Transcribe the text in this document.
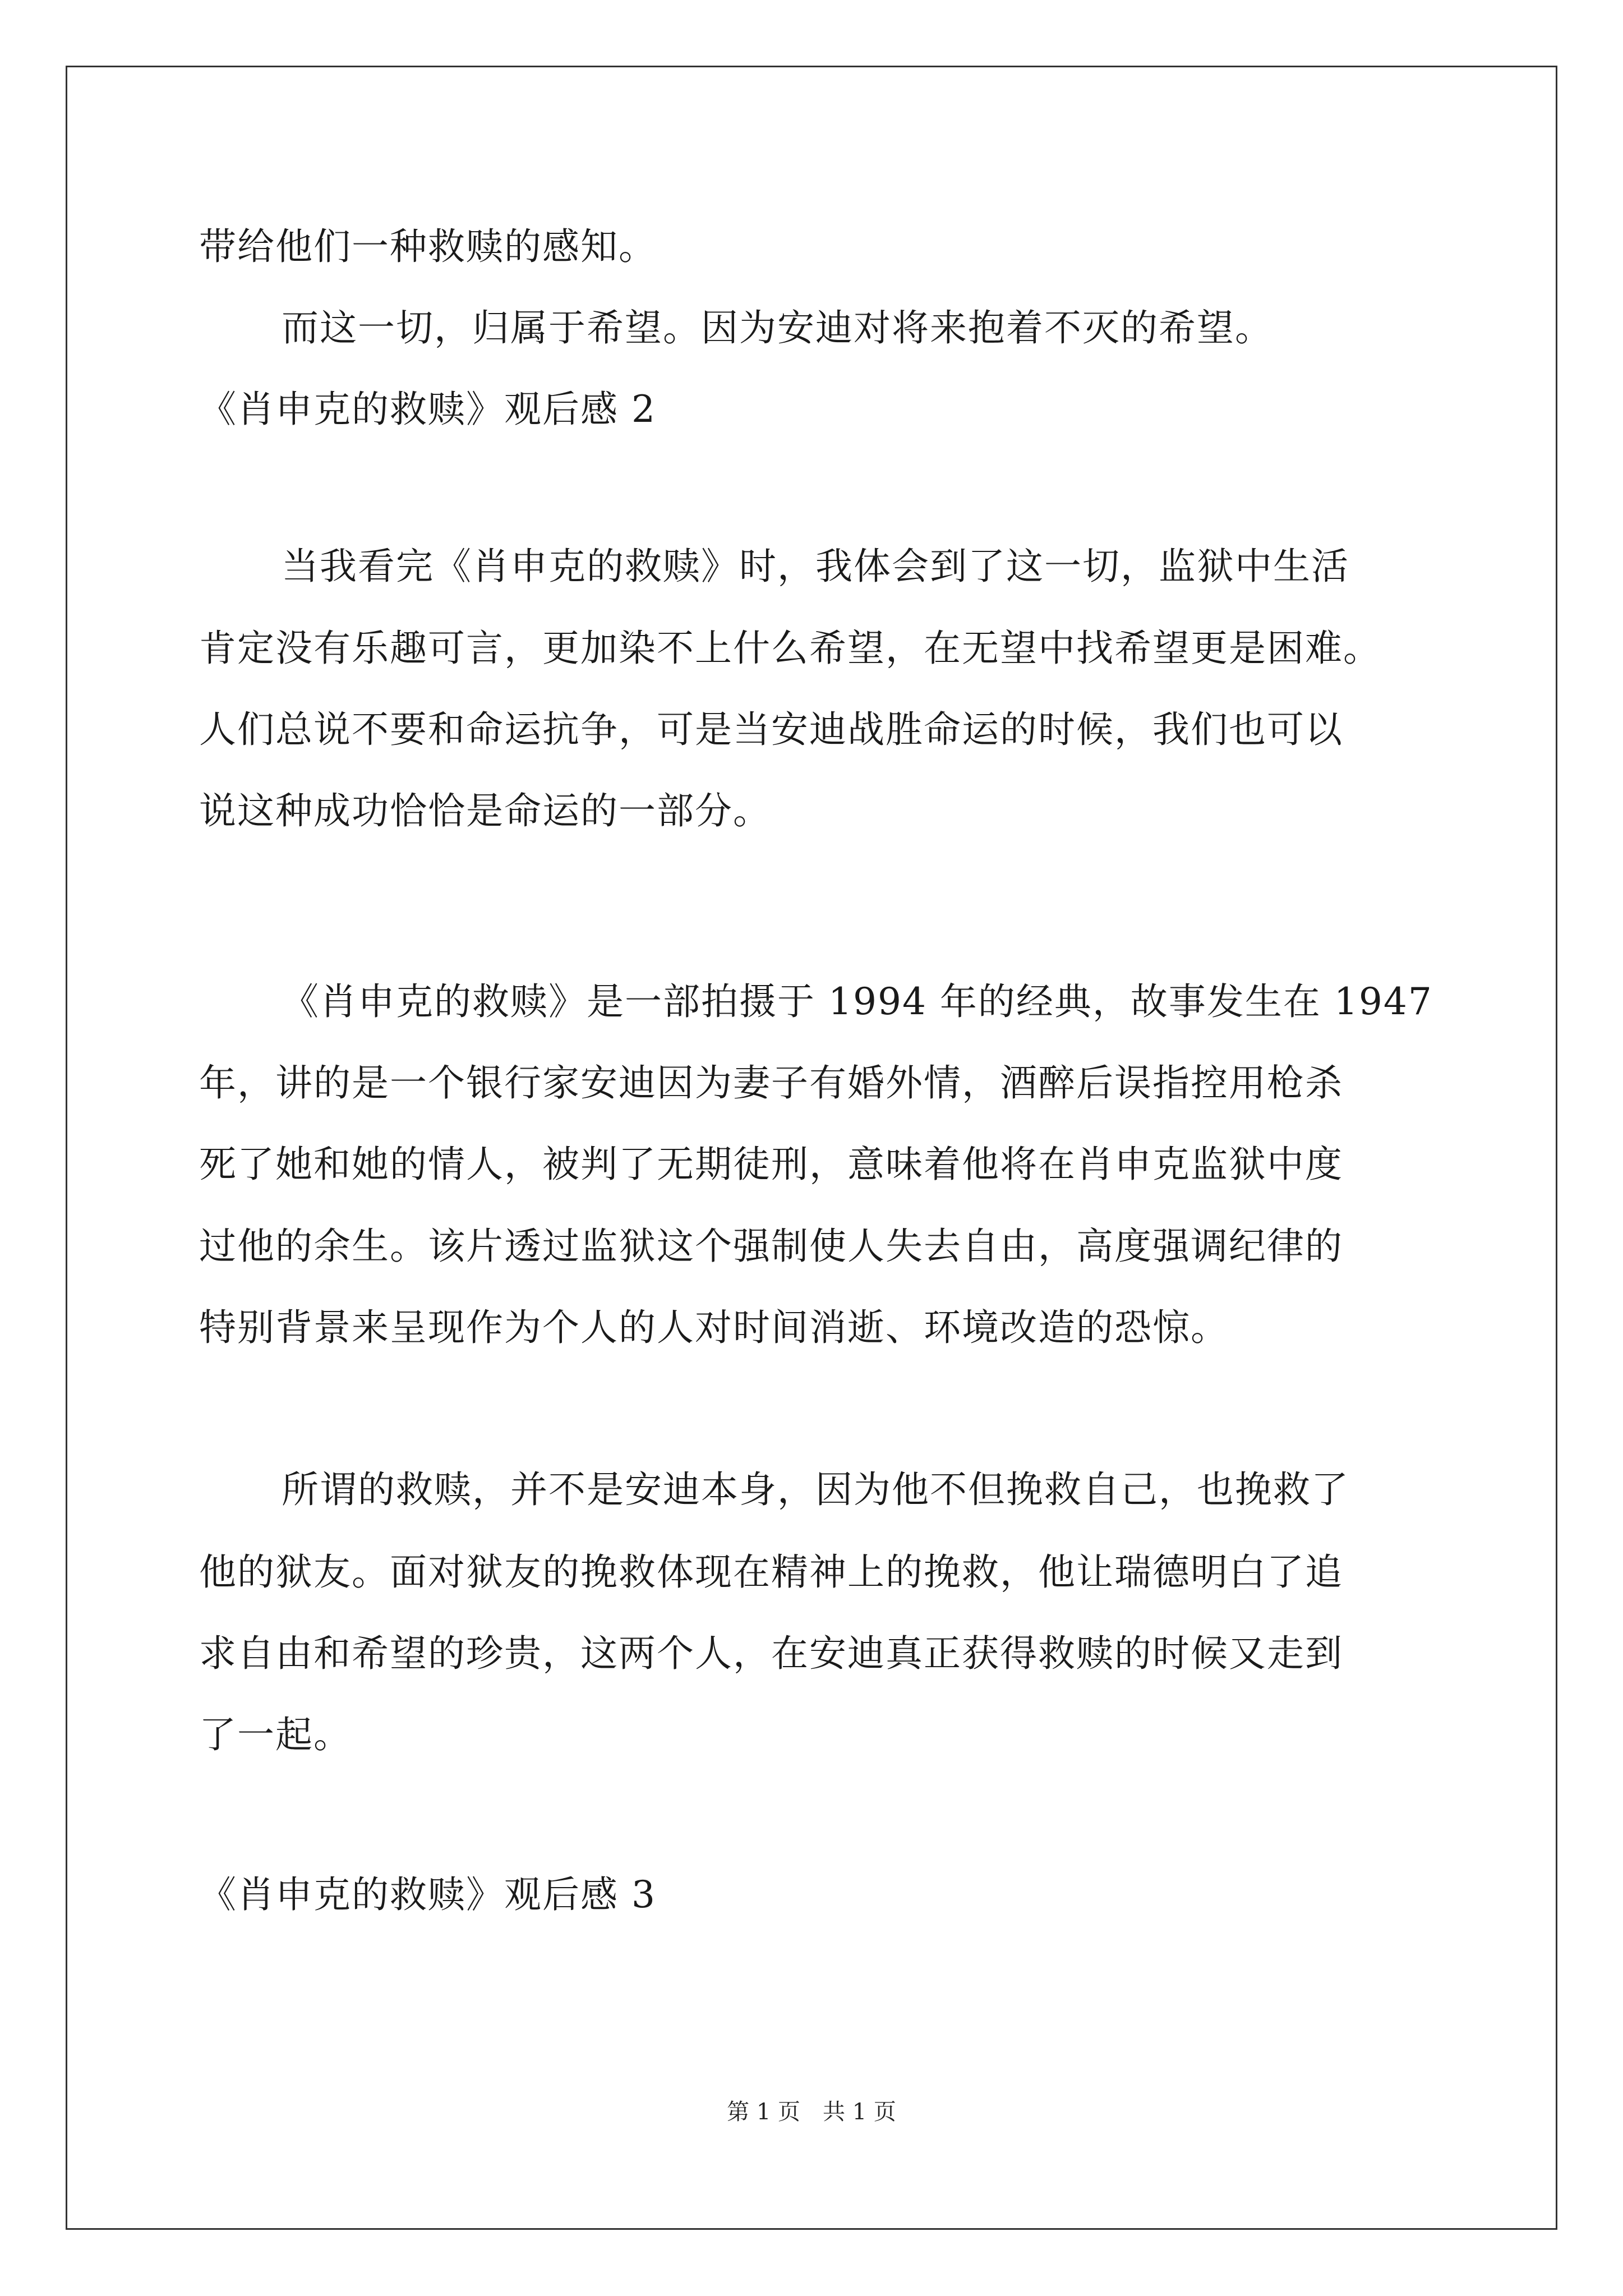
带给他们一种救赎的感知。
而这一切，归属于希望。因为安迪对将来抱着不灭的希望。
《肖申克的救赎》观后感 2
当我看完《肖申克的救赎》时，我体会到了这一切，监狱中生活
肯定没有乐趣可言，更加染不上什么希望，在无望中找希望更是困难。
人们总说不要和命运抗争，可是当安迪战胜命运的时候，我们也可以
说这种成功恰恰是命运的一部分。
《肖申克的救赎》是一部拍摄于 1994 年的经典，故事发生在 1947
年，讲的是一个银行家安迪因为妻子有婚外情，酒醉后误指控用枪杀
死了她和她的情人，被判了无期徒刑，意味着他将在肖申克监狱中度
过他的余生。该片透过监狱这个强制使人失去自由，高度强调纪律的
特别背景来呈现作为个人的人对时间消逝、环境改造的恐惊。
所谓的救赎，并不是安迪本身，因为他不但挽救自己，也挽救了
他的狱友。面对狱友的挽救体现在精神上的挽救，他让瑞德明白了追
求自由和希望的珍贵，这两个人，在安迪真正获得救赎的时候又走到
了一起。
《肖申克的救赎》观后感 3
第 1 页　共 1 页
